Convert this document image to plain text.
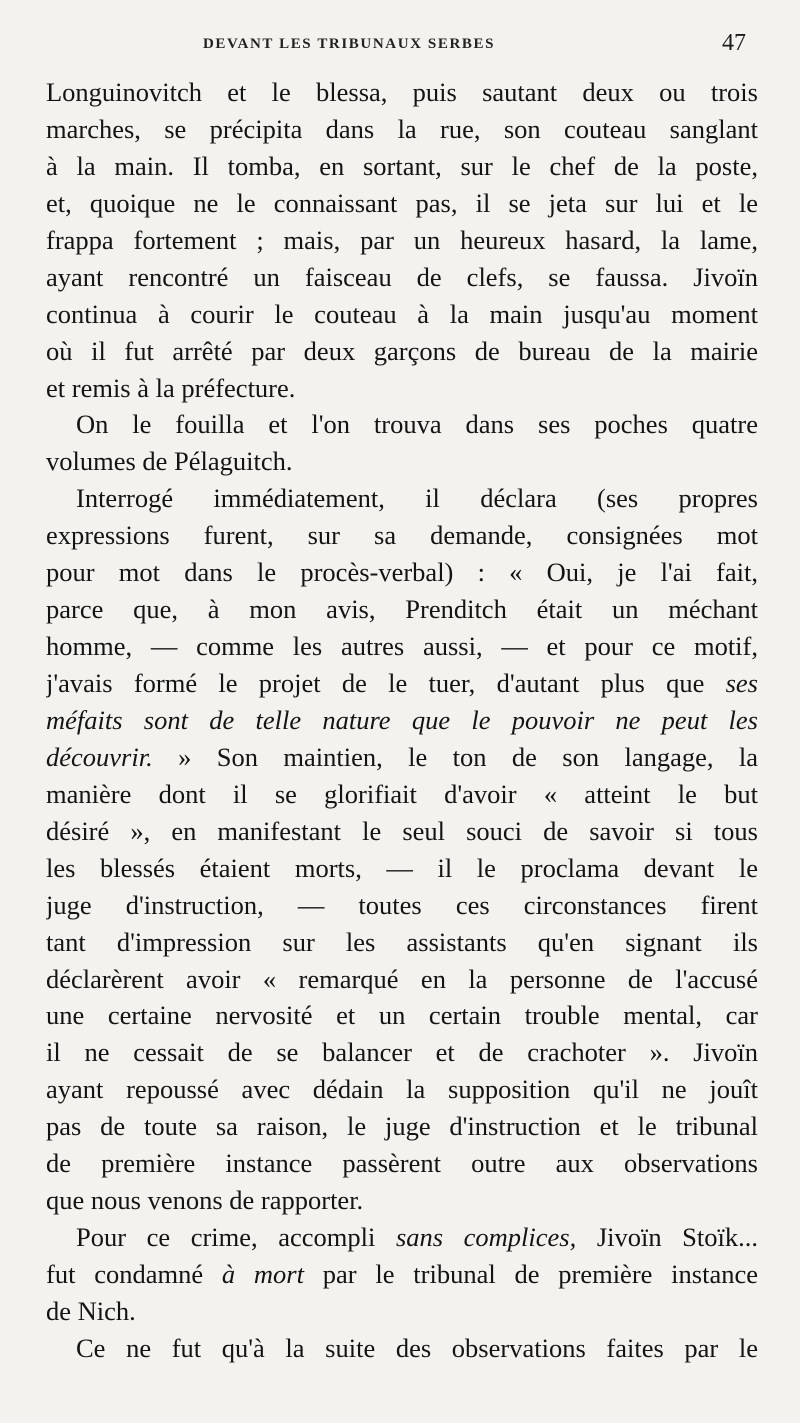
DEVANT LES TRIBUNAUX SERBES	47
Longuinovitch et le blessa, puis sautant deux ou trois
marches, se précipita dans la rue, son couteau sanglant
à la main. Il tomba, en sortant, sur le chef de la poste,
et, quoique ne le connaissant pas, il se jeta sur lui et le
frappa fortement ; mais, par un heureux hasard, la lame,
ayant rencontré un faisceau de clefs, se faussa. Jivoïn
continua à courir le couteau à la main jusqu'au moment
où il fut arrêté par deux garçons de bureau de la mairie
et remis à la préfecture.
On le fouilla et l'on trouva dans ses poches quatre
volumes de Pélaguitch.
Interrogé immédiatement, il déclara (ses propres
expressions furent, sur sa demande, consignées mot
pour mot dans le procès-verbal) : « Oui, je l'ai fait,
parce que, à mon avis, Prenditch était un méchant
homme, — comme les autres aussi, — et pour ce motif,
j'avais formé le projet de le tuer, d'autant plus que ses
méfaits sont de telle nature que le pouvoir ne peut les
découvrir. » Son maintien, le ton de son langage, la
manière dont il se glorifiait d'avoir « atteint le but
désiré », en manifestant le seul souci de savoir si tous
les blessés étaient morts, — il le proclama devant le
juge d'instruction, — toutes ces circonstances firent
tant d'impression sur les assistants qu'en signant ils
déclarèrent avoir « remarqué en la personne de l'accusé
une certaine nervosité et un certain trouble mental, car
il ne cessait de se balancer et de crachoter ». Jivoïn
ayant repoussé avec dédain la supposition qu'il ne jouît
pas de toute sa raison, le juge d'instruction et le tribunal
de première instance passèrent outre aux observations
que nous venons de rapporter.
Pour ce crime, accompli sans complices, Jivoïn Stoïk...
fut condamné à mort par le tribunal de première instance
de Nich.
Ce ne fut qu'à la suite des observations faites par le
